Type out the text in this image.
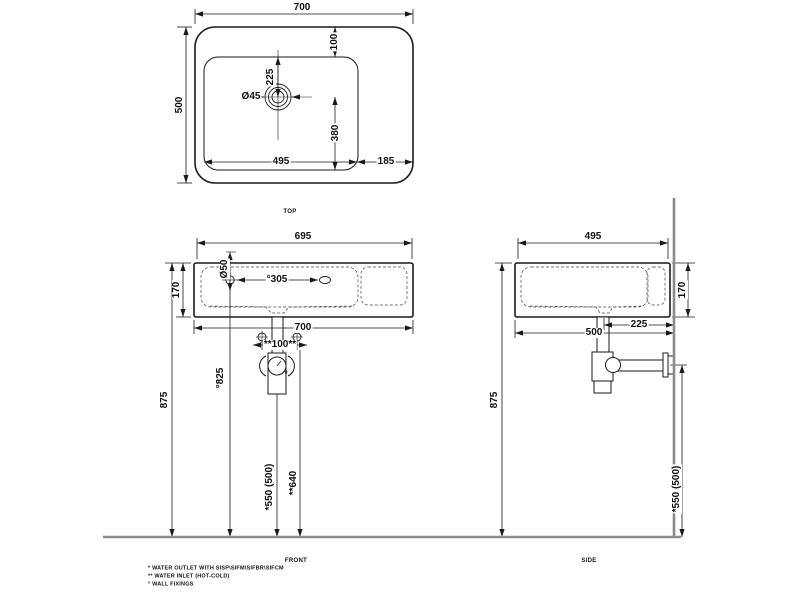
700
500
100
225
380
495	185
Ø45
TOP
695
170
875
700
Ø50
°305
°825
**100**
*550 (500) **640
*
FRONT
495
170
875
225
500
*550 (500)
SIDE
* WATER OUTLET WITH SISP\SIFM\SIFBR\SIFCM
** WATER INLET (HOT-COLD)
° WALL FIXINGS
